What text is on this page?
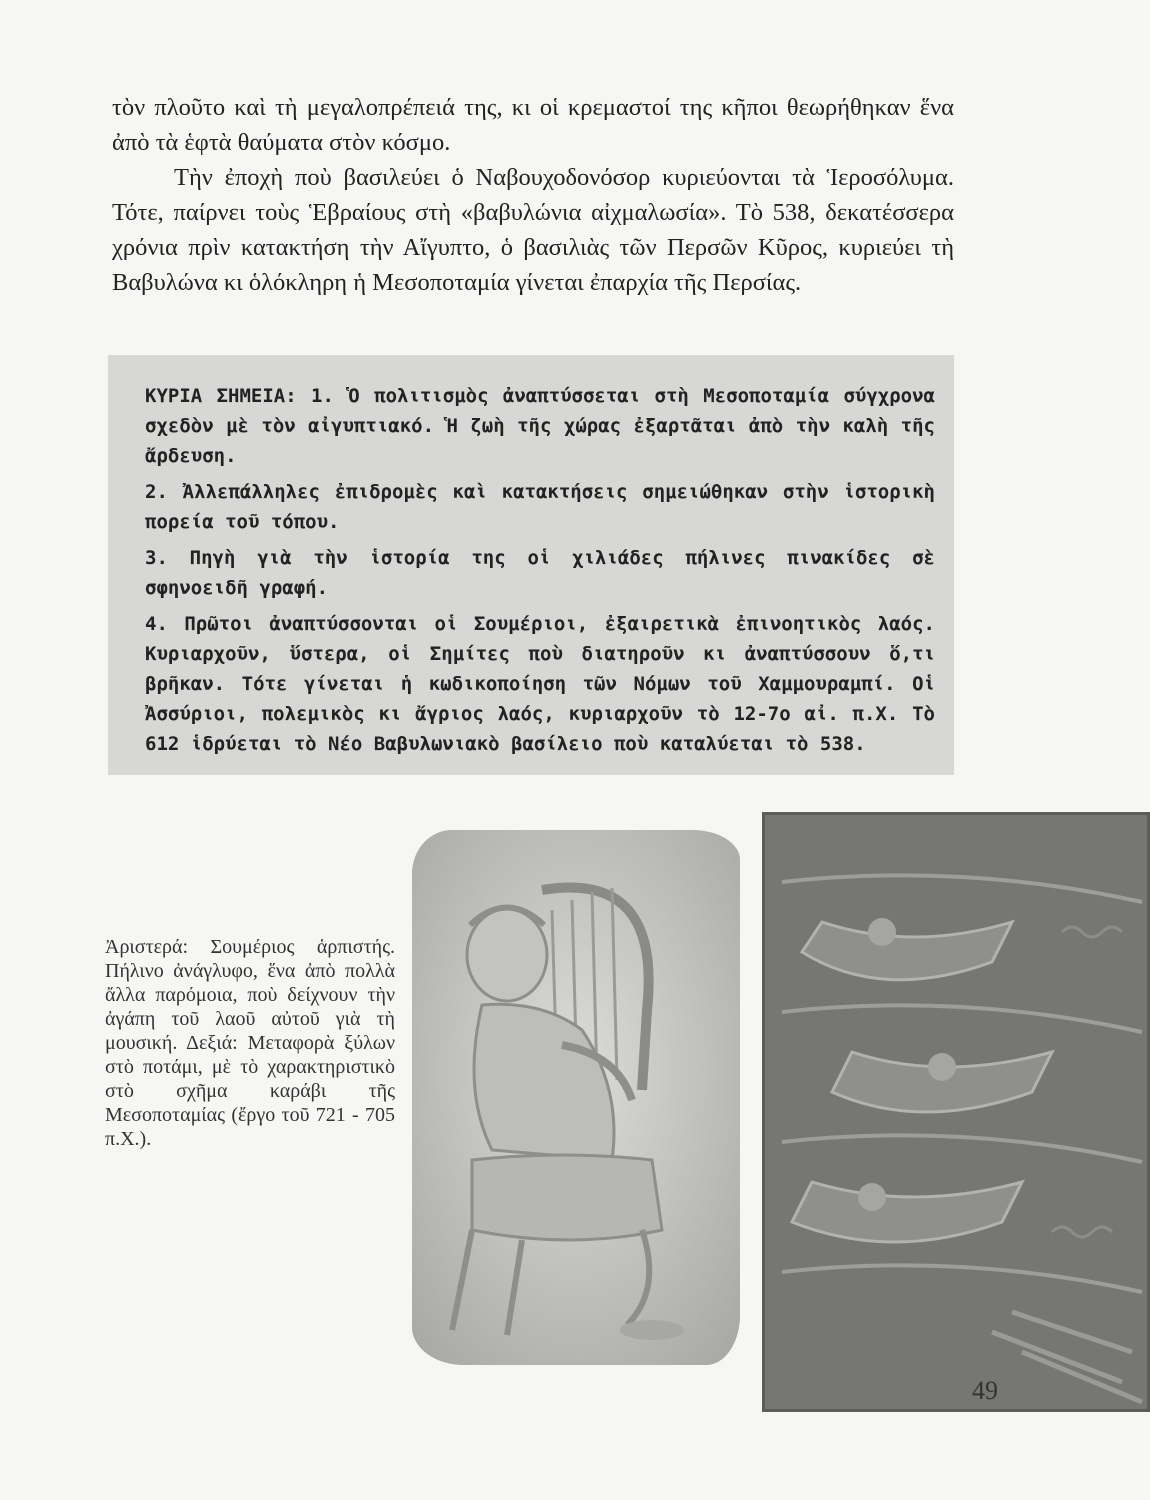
τὸν πλοῦτο καὶ τὴ μεγαλοπρέπειά της, κι οἱ κρεμαστοί της κῆποι θεωρήθηκαν ἕνα ἀπὸ τὰ ἑφτὰ θαύματα στὸν κόσμο.

Τὴν ἐποχὴ ποὺ βασιλεύει ὁ Ναβουχοδονόσορ κυριεύονται τὰ Ἱεροσόλυμα. Τότε, παίρνει τοὺς Ἑβραίους στὴ «βαβυλώνια αἰχμαλωσία». Τὸ 538, δεκατέσσερα χρόνια πρὶν κατακτήση τὴν Αἴγυπτο, ὁ βασιλιὰς τῶν Περσῶν Κῦρος, κυριεύει τὴ Βαβυλώνα κι ὁλόκληρη ἡ Μεσοποταμία γίνεται ἐπαρχία τῆς Περσίας.

ΚΥΡΙΑ ΣΗΜΕΙΑ: 1. Ὁ πολιτισμὸς ἀναπτύσσεται στὴ Μεσοποταμία σύγχρονα σχεδὸν μὲ τὸν αἰγυπτιακό. Ἡ ζωὴ τῆς χώρας ἐξαρτᾶται ἀπὸ τὴν καλὴ τῆς ἄρδευση.

2. Ἀλλεπάλληλες ἐπιδρομὲς καὶ κατακτήσεις σημειώθηκαν στὴν ἱστορικὴ πορεία τοῦ τόπου.

3. Πηγὴ γιὰ τὴν ἱστορία της οἱ χιλιάδες πήλινες πινακίδες σὲ σφηνοειδῆ γραφή.

4. Πρῶτοι ἀναπτύσσονται οἱ Σουμέριοι, ἐξαιρετικὰ ἐπινοητικὸς λαός. Κυριαρχοῦν, ὕστερα, οἱ Σημίτες ποὺ διατηροῦν κι ἀναπτύσσουν ὅ,τι βρῆκαν. Τότε γίνεται ἡ κωδικοποίηση τῶν Νόμων τοῦ Χαμμουραμπί. Οἱ Ἀσσύριοι, πολεμικὸς κι ἄγριος λαός, κυριαρχοῦν τὸ 12-7ο αἰ. π.Χ. Τὸ 612 ἱδρύεται τὸ Νέο Βαβυλωνιακὸ βασίλειο ποὺ καταλύεται τὸ 538.

Ἀριστερά: Σουμέριος ἁρπιστής. Πήλινο ἀνάγλυφο, ἕνα ἀπὸ πολλὰ ἄλλα παρόμοια, ποὺ δείχνουν τὴν ἀγάπη τοῦ λαοῦ αὐτοῦ γιὰ τὴ μουσική. Δεξιά: Μεταφορὰ ξύλων στὸ ποτάμι, μὲ τὸ χαρακτηριστικὸ στὸ σχῆμα καράβι τῆς Μεσοποταμίας (ἔργο τοῦ 721 - 705 π.Χ.).

49
